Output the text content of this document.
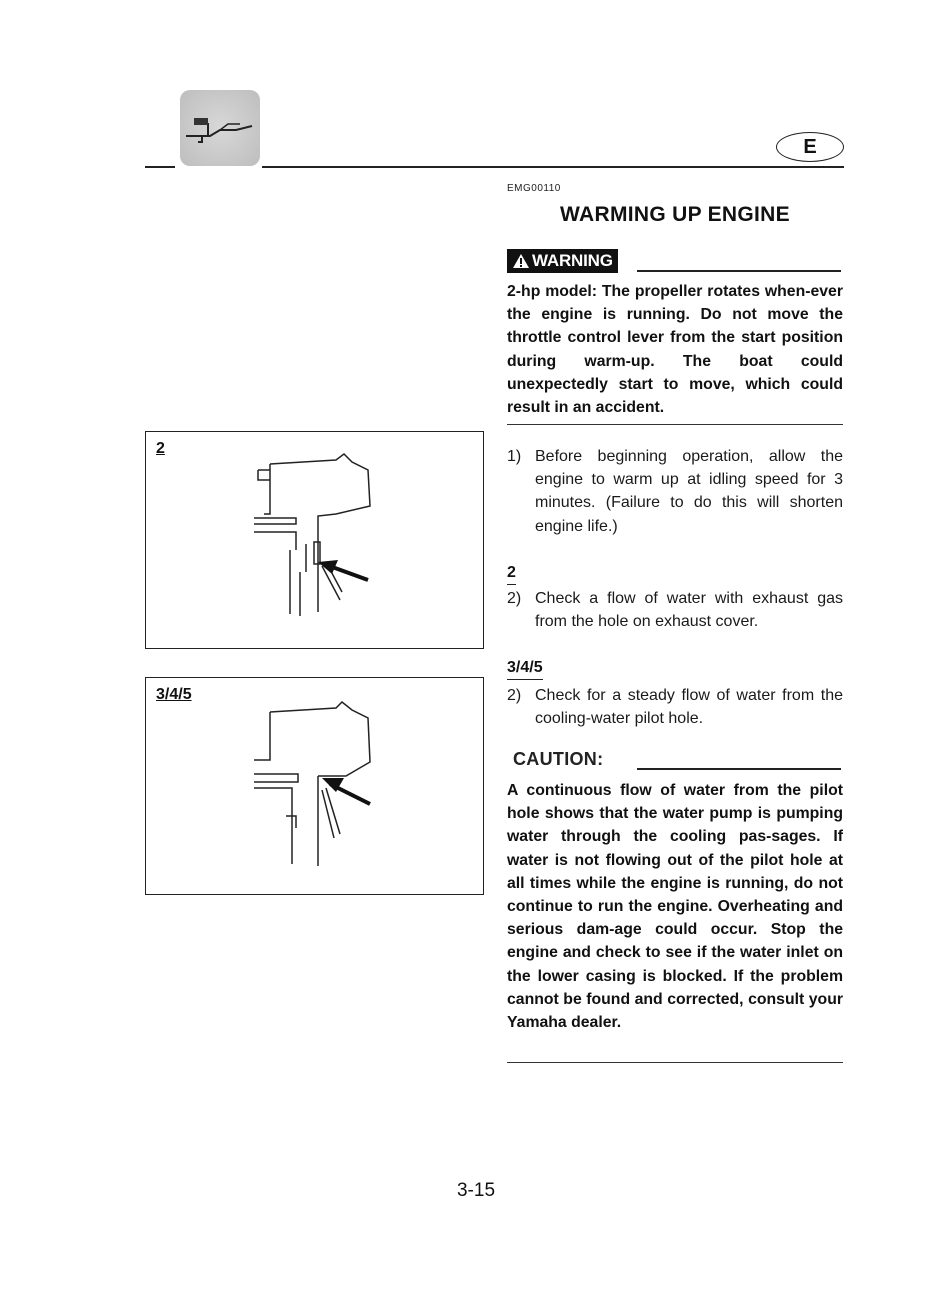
E
EMG00110
WARMING UP ENGINE
WARNING
2-hp model: The propeller rotates when-ever the engine is running. Do not move the throttle control lever from the start position during warm-up. The boat could unexpectedly start to move, which could result in an accident.
1) Before beginning operation, allow the engine to warm up at idling speed for 3 minutes. (Failure to do this will shorten engine life.)
2
2) Check a flow of water with exhaust gas from the hole on exhaust cover.
3/4/5
2) Check for a steady flow of water from the cooling-water pilot hole.
CAUTION:
A continuous flow of water from the pilot hole shows that the water pump is pumping water through the cooling pas-sages. If water is not flowing out of the pilot hole at all times while the engine is running, do not continue to run the engine. Overheating and serious dam-age could occur. Stop the engine and check to see if the water inlet on the lower casing is blocked. If the problem cannot be found and corrected, consult your Yamaha dealer.
2
3/4/5
3-15
